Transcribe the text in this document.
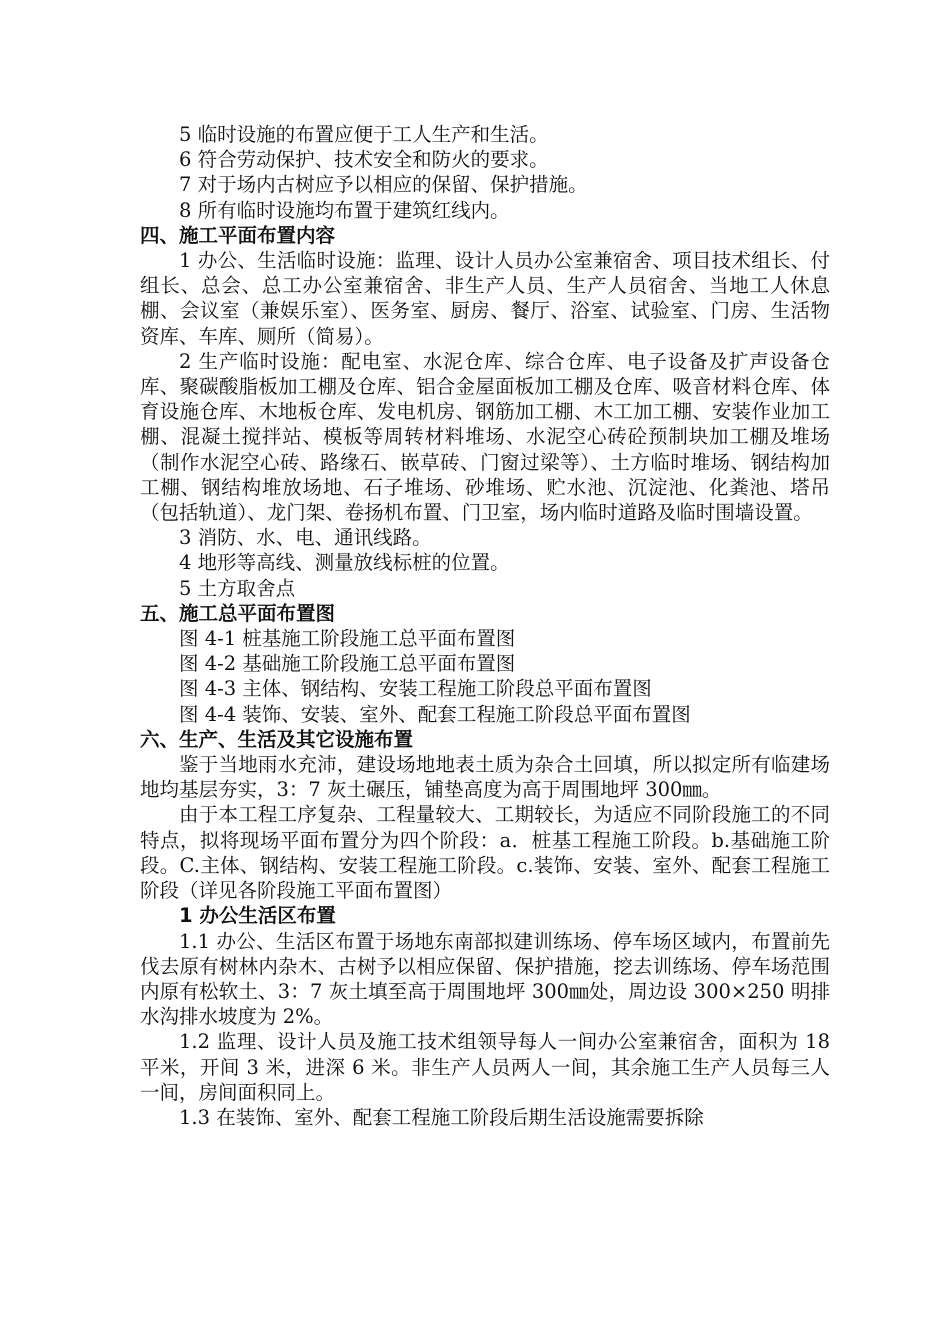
5 临时设施的布置应便于工人生产和生活。

6 符合劳动保护、技术安全和防火的要求。

7 对于场内古树应予以相应的保留、保护措施。

8 所有临时设施均布置于建筑红线内。

四、施工平面布置内容

1 办公、生活临时设施：监理、设计人员办公室兼宿舍、项目技术组长、付组长、总会、总工办公室兼宿舍、非生产人员、生产人员宿舍、当地工人休息棚、会议室（兼娱乐室）、医务室、厨房、餐厅、浴室、试验室、门房、生活物资库、车库、厕所（简易）。

2 生产临时设施：配电室、水泥仓库、综合仓库、电子设备及扩声设备仓库、聚碳酸脂板加工棚及仓库、铝合金屋面板加工棚及仓库、吸音材料仓库、体育设施仓库、木地板仓库、发电机房、钢筋加工棚、木工加工棚、安装作业加工棚、混凝土搅拌站、模板等周转材料堆场、水泥空心砖砼预制块加工棚及堆场（制作水泥空心砖、路缘石、嵌草砖、门窗过梁等）、土方临时堆场、钢结构加工棚、钢结构堆放场地、石子堆场、砂堆场、贮水池、沉淀池、化粪池、塔吊（包括轨道）、龙门架、卷扬机布置、门卫室，场内临时道路及临时围墙设置。

3 消防、水、电、通讯线路。

4 地形等高线、测量放线标桩的位置。

5 土方取舍点

五、施工总平面布置图

图 4-1 桩基施工阶段施工总平面布置图

图 4-2 基础施工阶段施工总平面布置图

图 4-3 主体、钢结构、安装工程施工阶段总平面布置图

图 4-4 装饰、安装、室外、配套工程施工阶段总平面布置图

六、生产、生活及其它设施布置

鉴于当地雨水充沛，建设场地地表土质为杂合土回填，所以拟定所有临建场地均基层夯实，3：7 灰土碾压，铺垫高度为高于周围地坪 300㎜。

由于本工程工序复杂、工程量较大、工期较长，为适应不同阶段施工的不同特点，拟将现场平面布置分为四个阶段：a．桩基工程施工阶段。b.基础施工阶段。C.主体、钢结构、安装工程施工阶段。c.装饰、安装、室外、配套工程施工阶段（详见各阶段施工平面布置图）

1 办公生活区布置

1.1 办公、生活区布置于场地东南部拟建训练场、停车场区域内，布置前先伐去原有树林内杂木、古树予以相应保留、保护措施，挖去训练场、停车场范围内原有松软土、3：7 灰土填至高于周围地坪 300㎜处，周边设 300×250 明排水沟排水坡度为 2%。

1.2 监理、设计人员及施工技术组领导每人一间办公室兼宿舍，面积为 18 平米，开间 3 米，进深 6 米。非生产人员两人一间，其余施工生产人员每三人一间，房间面积同上。

1.3 在装饰、室外、配套工程施工阶段后期生活设施需要拆除
